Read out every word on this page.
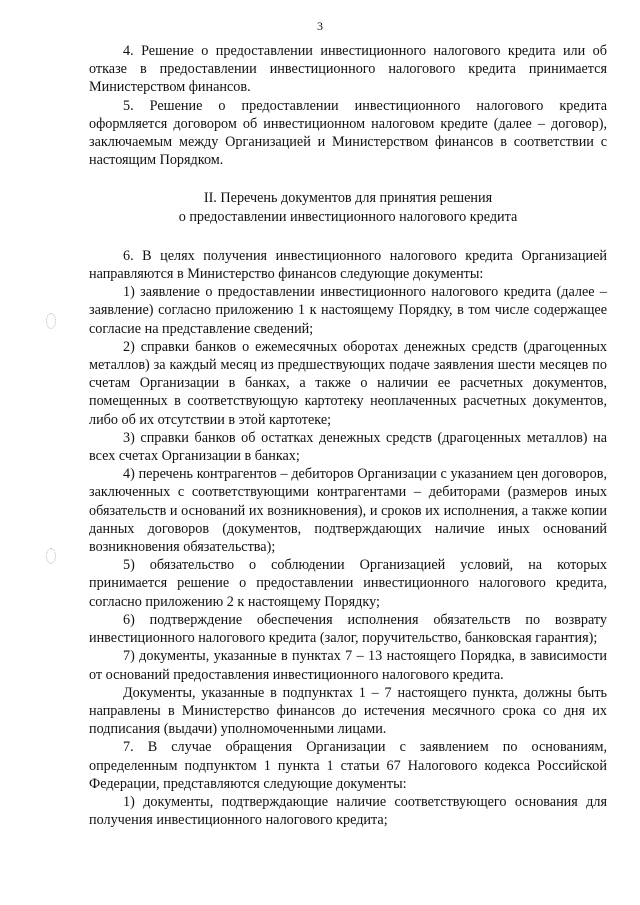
3

4. Решение о предоставлении инвестиционного налогового кредита или об отказе в предоставлении инвестиционного налогового кредита принимается Министерством финансов.

5. Решение о предоставлении инвестиционного налогового кредита оформляется договором об инвестиционном налоговом кредите (далее – договор), заключаемым между Организацией и Министерством финансов в соответствии с настоящим Порядком.

II. Перечень документов для принятия решения
о предоставлении инвестиционного налогового кредита

6. В целях получения инвестиционного налогового кредита Организацией направляются в Министерство финансов следующие документы:

1) заявление о предоставлении инвестиционного налогового кредита (далее – заявление) согласно приложению 1 к настоящему Порядку, в том числе содержащее согласие на представление сведений;

2) справки банков о ежемесячных оборотах денежных средств (драгоценных металлов) за каждый месяц из предшествующих подаче заявления шести месяцев по счетам Организации в банках, а также о наличии ее расчетных документов, помещенных в соответствующую картотеку неоплаченных расчетных документов, либо об их отсутствии в этой картотеке;

3) справки банков об остатках денежных средств (драгоценных металлов) на всех счетах Организации в банках;

4) перечень контрагентов – дебиторов Организации с указанием цен договоров, заключенных с соответствующими контрагентами – дебиторами (размеров иных обязательств и оснований их возникновения), и сроков их исполнения, а также копии данных договоров (документов, подтверждающих наличие иных оснований возникновения обязательства);

5) обязательство о соблюдении Организацией условий, на которых принимается решение о предоставлении инвестиционного налогового кредита, согласно приложению 2 к настоящему Порядку;

6) подтверждение обеспечения исполнения обязательств по возврату инвестиционного налогового кредита (залог, поручительство, банковская гарантия);

7) документы, указанные в пунктах 7 – 13 настоящего Порядка, в зависимости от оснований предоставления инвестиционного налогового кредита.

Документы, указанные в подпунктах 1 – 7 настоящего пункта, должны быть направлены в Министерство финансов до истечения месячного срока со дня их подписания (выдачи) уполномоченными лицами.

7. В случае обращения Организации с заявлением по основаниям, определенным подпунктом 1 пункта 1 статьи 67 Налогового кодекса Российской Федерации, представляются следующие документы:

1) документы, подтверждающие наличие соответствующего основания для получения инвестиционного налогового кредита;
